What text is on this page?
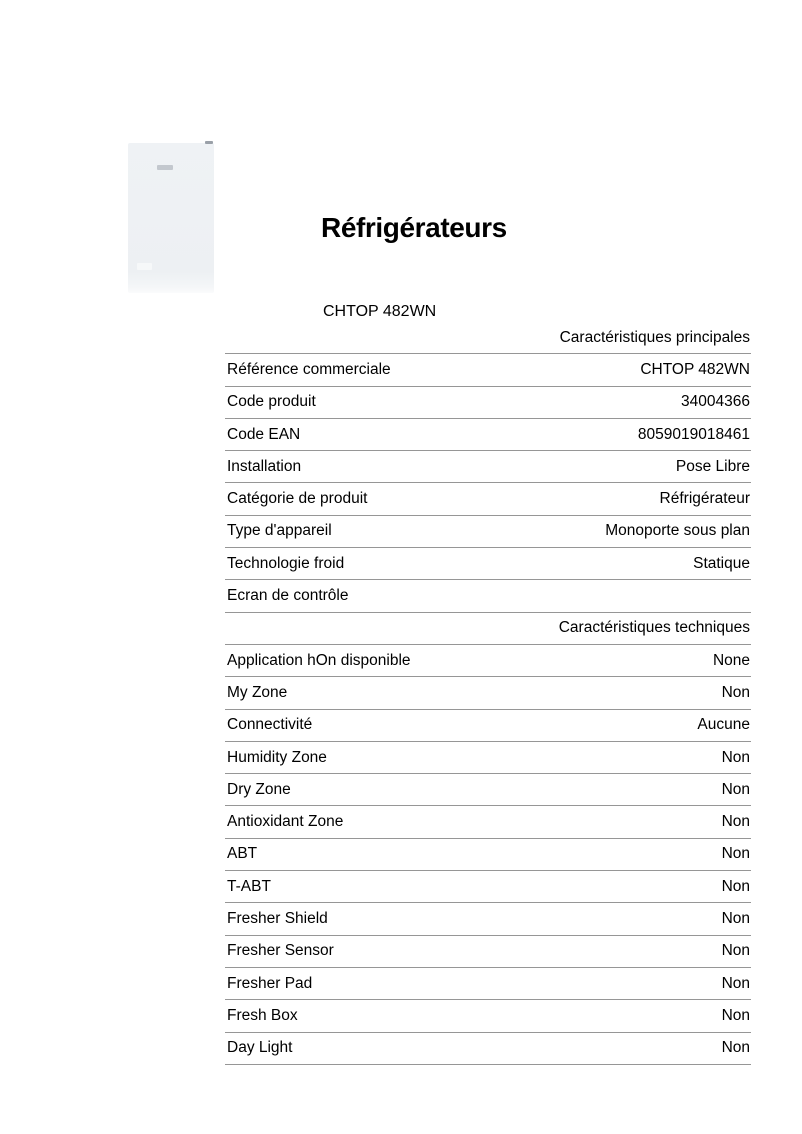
Réfrigérateurs
CHTOP 482WN
Caractéristiques principales
Référence commerciale	CHTOP 482WN
Code produit	34004366
Code EAN	8059019018461
Installation	Pose Libre
Catégorie de produit	Réfrigérateur
Type d'appareil	Monoporte sous plan
Technologie froid	Statique
Ecran de contrôle
Caractéristiques techniques
Application hOn disponible	None
My Zone	Non
Connectivité	Aucune
Humidity Zone	Non
Dry Zone	Non
Antioxidant Zone	Non
ABT	Non
T-ABT	Non
Fresher Shield	Non
Fresher Sensor	Non
Fresher Pad	Non
Fresh Box	Non
Day Light	Non
